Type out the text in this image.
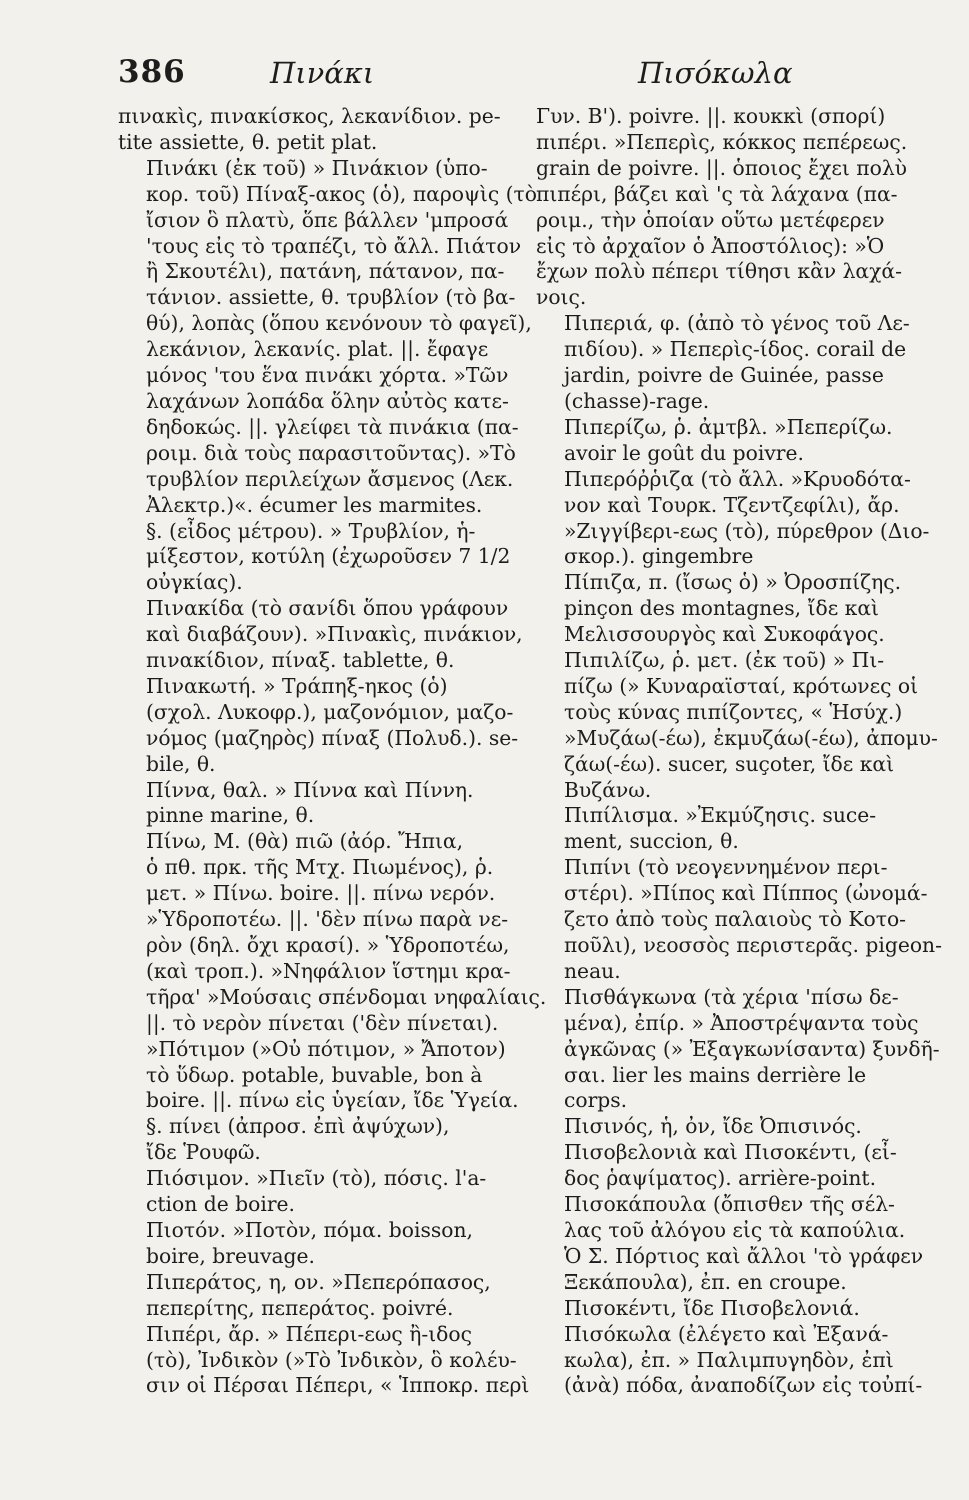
386	Πινάκι	Πισόκωλα

πινακὶς, πινακίσκος, λεκανίδιον. pe-
tite assiette, θ. petit plat.

Πινάκι (ἐκ τοῦ) » Πινάκιον (ὑπο-
κορ. τοῦ) Πίναξ-ακος (ὁ), παροψὶς (τὸ
ἴσιον ὃ πλατὺ, ὅπε βάλλεν 'μπροσά
'τους εἰς τὸ τραπέζι, τὸ ἄλλ. Πιάτον
ἢ Σκουτέλι), πατάνη, πάτανον, πα-
τάνιον. assiette, θ. τρυβλίον (τὸ βα-
θύ), λοπὰς (ὅπου κενόνουν τὸ φαγεῖ),
λεκάνιον, λεκανίς. plat. ||. ἔφαγε
μόνος 'του ἕνα πινάκι χόρτα. »Τῶν
λαχάνων λοπάδα ὅλην αὐτὸς κατε-
δηδοκώς. ||. γλείφει τὰ πινάκια (πα-
ροιμ. διὰ τοὺς παρασιτοῦντας). »Τὸ
τρυβλίον περιλείχων ἄσμενος (Λεκ.
Ἀλεκτρ.)«. écumer les marmites.
§. (εἶδος μέτρου). » Τρυβλίον, ἡ-
μίξεστον, κοτύλη (ἐχωροῦσεν 7 1/2
οὐγκίας).

Πινακίδα (τὸ σανίδι ὅπου γράφουν
καὶ διαβάζουν). »Πινακὶς, πινάκιον,
πινακίδιον, πίναξ. tablette, θ.

Πινακωτή. » Τράπηξ-ηκος (ὁ)
(σχολ. Λυκοφρ.), μαζονόμιον, μαζο-
νόμος (μαζηρὸς) πίναξ (Πολυδ.). se-
bile, θ.

Πίννα, θαλ. » Πίννα καὶ Πίννη.
pinne marine, θ.

Πίνω, Μ. (θὰ) πιῶ (ἀόρ. Ἤπια,
ὁ πθ. πρκ. τῆς Μτχ. Πιωμένος), ῥ.
μετ. » Πίνω. boire. ||. πίνω νερόν.
»Ὑδροποτέω. ||. 'δὲν πίνω παρὰ νε-
ρὸν (δηλ. ὄχι κρασί). » Ὑδροποτέω,
(καὶ τροπ.). »Νηφάλιον ἵστημι κρα-
τῆρα' »Μούσαις σπένδομαι νηφαλίαις.
||. τὸ νερὸν πίνεται ('δὲν πίνεται).
»Πότιμον (»Οὐ πότιμον, » Ἄποτον)
τὸ ὕδωρ. potable, buvable, bon à
boire. ||. πίνω εἰς ὑγείαν, ἴδε Ὑγεία.
§. πίνει (ἀπροσ. ἐπὶ ἀψύχων),
ἴδε Ῥουφῶ.

Πιόσιμον. »Πιεῖν (τὸ), πόσις. l'a-
ction de boire.

Πιοτόν. »Ποτὸν, πόμα. boisson,
boire, breuvage.

Πιπεράτος, η, ον. »Πεπερόπασος,
πεπερίτης, πεπεράτος. poivré.

Πιπέρι, ἄρ. » Πέπερι-εως ἢ-ιδος
(τὸ), Ἰνδικὸν (»Τὸ Ἰνδικὸν, ὃ κολέυ-
σιν οἱ Πέρσαι Πέπερι, « Ἱπποκρ. περὶ

Γυν. Β'). poivre. ||. κουκκὶ (σπορί)
πιπέρι. »Πεπερὶς, κόκκος πεπέρεως.
grain de poivre. ||. ὁποιος ἔχει πολὺ
πιπέρι, βάζει καὶ 'ς τὰ λάχανα (πα-
ροιμ., τὴν ὁποίαν οὕτω μετέφερεν
εἰς τὸ ἀρχαῖον ὁ Ἀποστόλιος): »Ὁ
ἔχων πολὺ πέπερι τίθησι κἂν λαχά-
νοις.

Πιπεριά, φ. (ἀπὸ τὸ γένος τοῦ Λε-
πιδίου). » Πεπερὶς-ίδος. corail de
jardin, poivre de Guinée, passe
(chasse)-rage.

Πιπερίζω, ῥ. ἀμτβλ. »Πεπερίζω.
avoir le goût du poivre.

Πιπερόῤῥιζα (τὸ ἄλλ. »Κρυοδότα-
νον καὶ Τουρκ. Τζεντζεφίλι), ἄρ.
»Ζιγγίβερι-εως (τὸ), πύρεθρον (Διο-
σκορ.). gingembre

Πίπιζα, π. (ἴσως ὁ) » Ὀροσπίζης.
pinçon des montagnes, ἴδε καὶ
Μελισσουργὸς καὶ Συκοφάγος.

Πιπιλίζω, ῥ. μετ. (ἐκ τοῦ) » Πι-
πίζω (» Κυναραϊσταί, κρότωνες οἱ
τοὺς κύνας πιπίζοντες, « Ἡσύχ.)
»Μυζάω(-έω), ἐκμυζάω(-έω), ἀπομυ-
ζάω(-έω). sucer, suçoter, ἴδε καὶ
Βυζάνω.

Πιπίλισμα. »Ἐκμύζησις. suce-
ment, succion, θ.

Πιπίνι (τὸ νεογεννημένον περι-
στέρι). »Πίπος καὶ Πίππος (ὠνομά-
ζετο ἀπὸ τοὺς παλαιοὺς τὸ Κοτο-
ποῦλι), νεοσσὸς περιστερᾶς. pigeon-
neau.

Πισθάγκωνα (τὰ χέρια 'πίσω δε-
μένα), ἐπίρ. » Ἀποστρέψαντα τοὺς
ἀγκῶνας (» Ἐξαγκωνίσαντα) ξυνδῆ-
σαι. lier les mains derrière le
corps.

Πισινός, ἡ, ὀν, ἴδε Ὀπισινός.

Πισοβελονιὰ καὶ Πισοκέντι, (εἶ-
δος ῥαψίματος). arrière-point.

Πισοκάπουλα (ὄπισθεν τῆς σέλ-
λας τοῦ ἀλόγου εἰς τὰ καπούλια.
Ὁ Σ. Πόρτιος καὶ ἄλλοι 'τὸ γράφεν
Ξεκάπουλα), ἐπ. en croupe.

Πισοκέντι, ἴδε Πισοβελονιά.

Πισόκωλα (ἐλέγετο καὶ Ἐξανά-
κωλα), ἐπ. » Παλιμπυγηδὸν, ἐπὶ
(ἀνὰ) πόδα, ἀναποδίζων εἰς τοὐπί-
